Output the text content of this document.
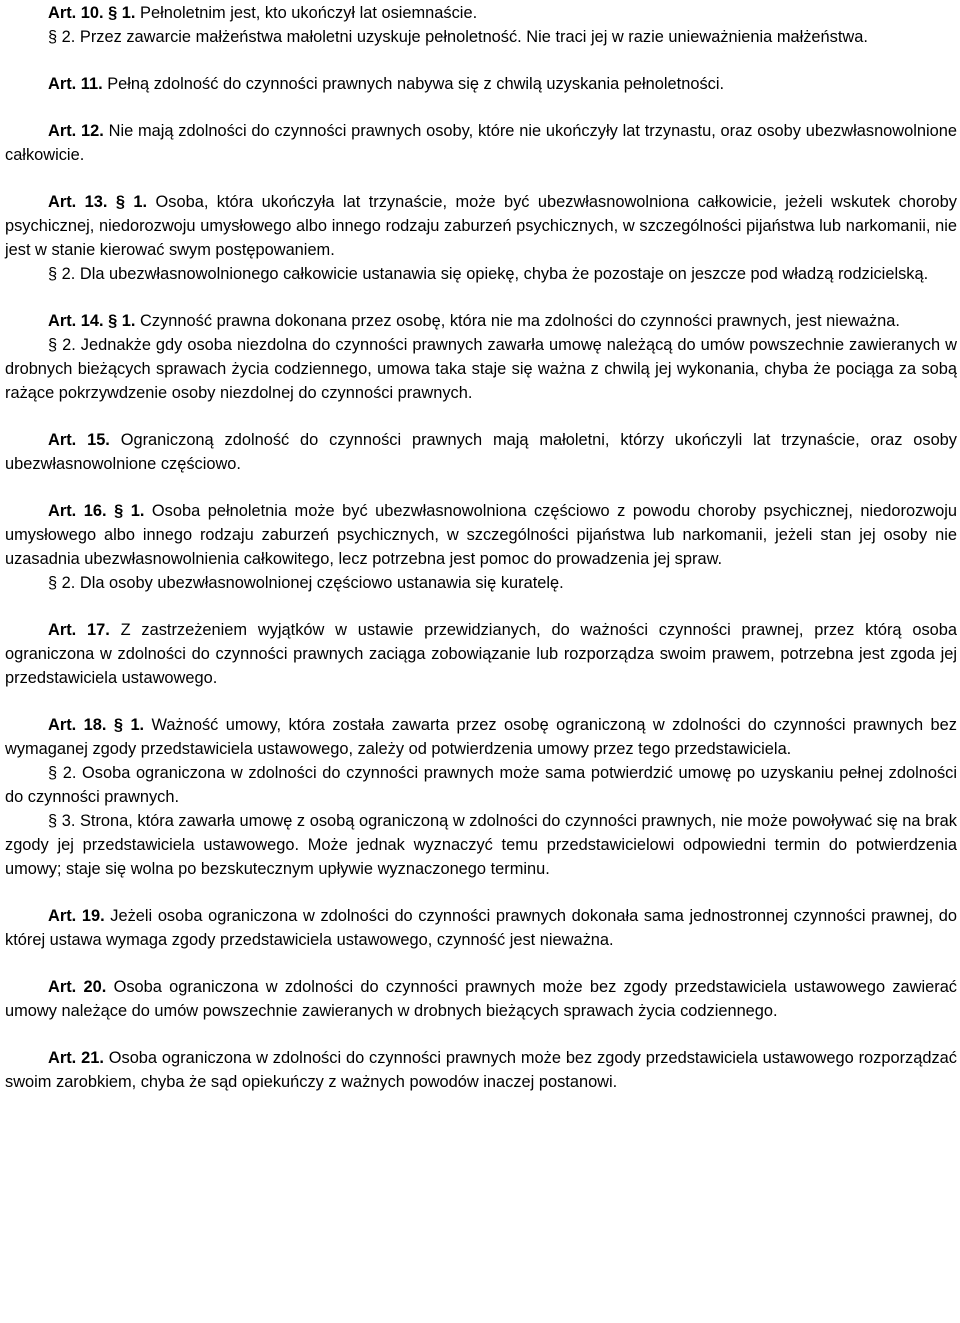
Art. 10. § 1. Pełnoletnim jest, kto ukończył lat osiemnaście.

§ 2. Przez zawarcie małżeństwa małoletni uzyskuje pełnoletność. Nie traci jej w razie unieważnienia małżeństwa.

Art. 11. Pełną zdolność do czynności prawnych nabywa się z chwilą uzyskania pełnoletności.

Art. 12. Nie mają zdolności do czynności prawnych osoby, które nie ukończyły lat trzynastu, oraz osoby ubezwłasnowolnione całkowicie.

Art. 13. § 1. Osoba, która ukończyła lat trzynaście, może być ubezwłasnowolniona całkowicie, jeżeli wskutek choroby psychicznej, niedorozwoju umysłowego albo innego rodzaju zaburzeń psychicznych, w szczególności pijaństwa lub narkomanii, nie jest w stanie kierować swym postępowaniem.

§ 2. Dla ubezwłasnowolnionego całkowicie ustanawia się opiekę, chyba że pozostaje on jeszcze pod władzą rodzicielską.

Art. 14. § 1. Czynność prawna dokonana przez osobę, która nie ma zdolności do czynności prawnych, jest nieważna.

§ 2. Jednakże gdy osoba niezdolna do czynności prawnych zawarła umowę należącą do umów powszechnie zawieranych w drobnych bieżących sprawach życia codziennego, umowa taka staje się ważna z chwilą jej wykonania, chyba że pociąga za sobą rażące pokrzywdzenie osoby niezdolnej do czynności prawnych.

Art. 15. Ograniczoną zdolność do czynności prawnych mają małoletni, którzy ukończyli lat trzynaście, oraz osoby ubezwłasnowolnione częściowo.

Art. 16. § 1. Osoba pełnoletnia może być ubezwłasnowolniona częściowo z powodu choroby psychicznej, niedorozwoju umysłowego albo innego rodzaju zaburzeń psychicznych, w szczególności pijaństwa lub narkomanii, jeżeli stan jej osoby nie uzasadnia ubezwłasnowolnienia całkowitego, lecz potrzebna jest pomoc do prowadzenia jej spraw.

§ 2. Dla osoby ubezwłasnowolnionej częściowo ustanawia się kuratelę.

Art. 17. Z zastrzeżeniem wyjątków w ustawie przewidzianych, do ważności czynności prawnej, przez którą osoba ograniczona w zdolności do czynności prawnych zaciąga zobowiązanie lub rozporządza swoim prawem, potrzebna jest zgoda jej przedstawiciela ustawowego.

Art. 18. § 1. Ważność umowy, która została zawarta przez osobę ograniczoną w zdolności do czynności prawnych bez wymaganej zgody przedstawiciela ustawowego, zależy od potwierdzenia umowy przez tego przedstawiciela.

§ 2. Osoba ograniczona w zdolności do czynności prawnych może sama potwierdzić umowę po uzyskaniu pełnej zdolności do czynności prawnych.

§ 3. Strona, która zawarła umowę z osobą ograniczoną w zdolności do czynności prawnych, nie może powoływać się na brak zgody jej przedstawiciela ustawowego. Może jednak wyznaczyć temu przedstawicielowi odpowiedni termin do potwierdzenia umowy; staje się wolna po bezskutecznym upływie wyznaczonego terminu.

Art. 19. Jeżeli osoba ograniczona w zdolności do czynności prawnych dokonała sama jednostronnej czynności prawnej, do której ustawa wymaga zgody przedstawiciela ustawowego, czynność jest nieważna.

Art. 20. Osoba ograniczona w zdolności do czynności prawnych może bez zgody przedstawiciela ustawowego zawierać umowy należące do umów powszechnie zawieranych w drobnych bieżących sprawach życia codziennego.

Art. 21. Osoba ograniczona w zdolności do czynności prawnych może bez zgody przedstawiciela ustawowego rozporządzać swoim zarobkiem, chyba że sąd opiekuńczy z ważnych powodów inaczej postanowi.
